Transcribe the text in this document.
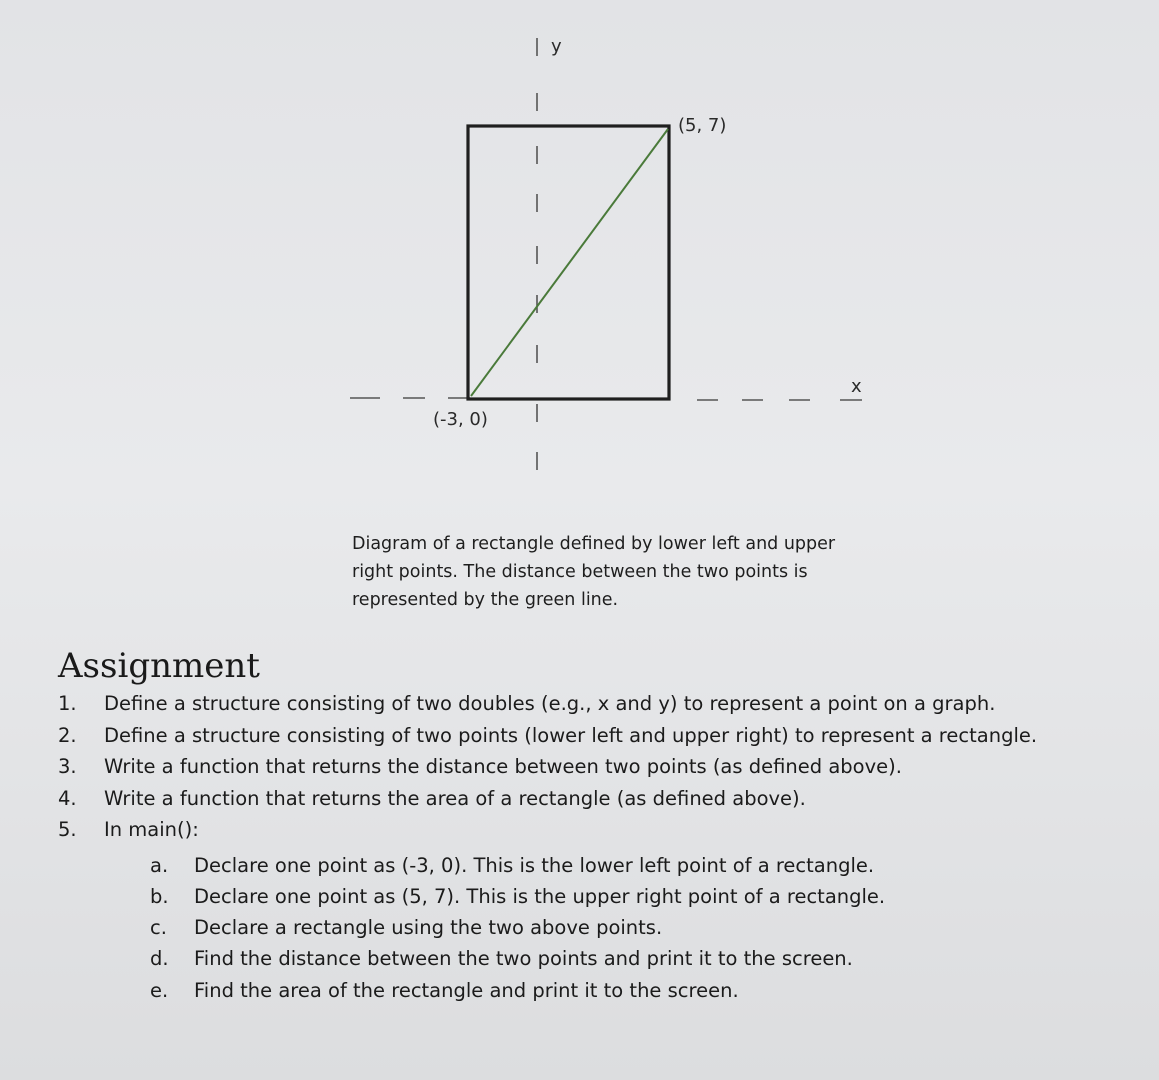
y
x
(5, 7)
(-3, 0)

Diagram of a rectangle defined by lower left and upper

right points. The distance between the two points is

represented by the green line.

Assignment
1.	Define a structure consisting of two doubles (e.g., x and y) to represent a point on a graph.
2.	Define a structure consisting of two points (lower left and upper right) to represent a rectangle.
3.	Write a function that returns the distance between two points (as defined above).
4.	Write a function that returns the area of a rectangle (as defined above).
5.	In main():
a.	Declare one point as (-3, 0). This is the lower left point of a rectangle.
b.	Declare one point as (5, 7). This is the upper right point of a rectangle.
c.	Declare a rectangle using the two above points.
d.	Find the distance between the two points and print it to the screen.
e.	Find the area of the rectangle and print it to the screen.
